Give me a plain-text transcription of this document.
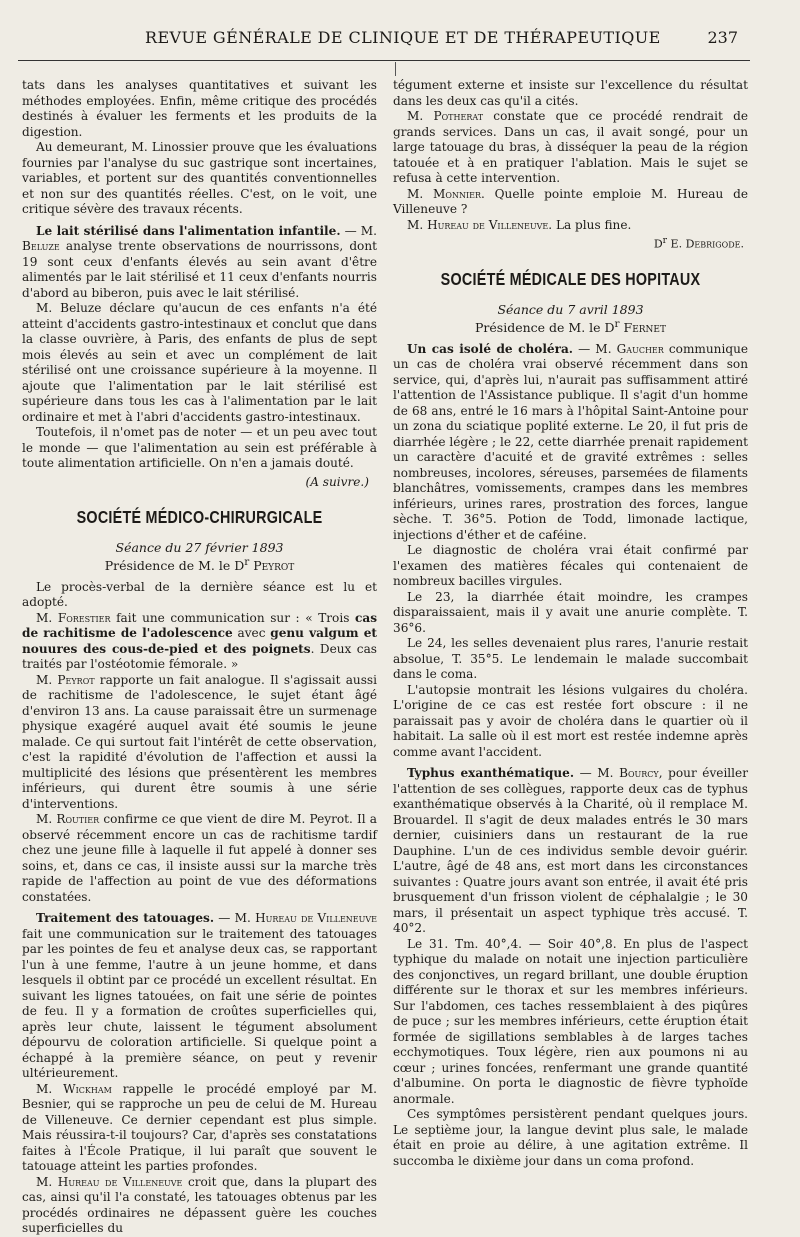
REVUE GÉNÉRALE DE CLINIQUE ET DE THÉRAPEUTIQUE	237

tats dans les analyses quantitatives et suivant les méthodes employées. Enfin, même critique des procédés destinés à évaluer les ferments et les produits de la digestion.

Au demeurant, M. Linossier prouve que les évaluations fournies par l'analyse du suc gastrique sont incertaines, variables, et portent sur des quantités conventionnelles et non sur des quantités réelles. C'est, on le voit, une critique sévère des travaux récents.

Le lait stérilisé dans l'alimentation infantile. — M. Beluze analyse trente observations de nourrissons, dont 19 sont ceux d'enfants élevés au sein avant d'être alimentés par le lait stérilisé et 11 ceux d'enfants nourris d'abord au biberon, puis avec le lait stérilisé.

M. Beluze déclare qu'aucun de ces enfants n'a été atteint d'accidents gastro-intestinaux et conclut que dans la classe ouvrière, à Paris, des enfants de plus de sept mois élevés au sein et avec un complément de lait stérilisé ont une croissance supérieure à la moyenne. Il ajoute que l'alimentation par le lait stérilisé est supérieure dans tous les cas à l'alimentation par le lait ordinaire et met à l'abri d'accidents gastro-intestinaux.

Toutefois, il n'omet pas de noter — et un peu avec tout le monde — que l'alimentation au sein est préférable à toute alimentation artificielle. On n'en a jamais douté.

(A suivre.)
SOCIÉTÉ MÉDICO-CHIRURGICALE
Séance du 27 février 1893
Présidence de M. le $D^r$ Peyrot

Le procès-verbal de la dernière séance est lu et adopté.

M. Forestier fait une communication sur : « Trois cas de rachitisme de l'adolescence avec genu valgum et nouures des cous-de-pied et des poignets. Deux cas traités par l'ostéotomie fémorale. »

M. Peyrot rapporte un fait analogue. Il s'agissait aussi de rachitisme de l'adolescence, le sujet étant âgé d'environ 13 ans. La cause paraissait être un surmenage physique exagéré auquel avait été soumis le jeune malade. Ce qui surtout fait l'intérêt de cette observation, c'est la rapidité d'évolution de l'affection et aussi la multiplicité des lésions que présentèrent les membres inférieurs, qui durent être soumis à une série d'interventions.

M. Routier confirme ce que vient de dire M. Peyrot. Il a observé récemment encore un cas de rachitisme tardif chez une jeune fille à laquelle il fut appelé à donner ses soins, et, dans ce cas, il insiste aussi sur la marche très rapide de l'affection au point de vue des déformations constatées.

Traitement des tatouages. — M. Hureau de Villeneuve fait une communication sur le traitement des tatouages par les pointes de feu et analyse deux cas, se rapportant l'un à une femme, l'autre à un jeune homme, et dans lesquels il obtint par ce procédé un excellent résultat. En suivant les lignes tatouées, on fait une série de pointes de feu. Il y a formation de croûtes superficielles qui, après leur chute, laissent le tégument absolument dépourvu de coloration artificielle. Si quelque point a échappé à la première séance, on peut y revenir ultérieurement.

M. Wickham rappelle le procédé employé par M. Besnier, qui se rapproche un peu de celui de M. Hureau de Villeneuve. Ce dernier cependant est plus simple. Mais réussira-t-il toujours? Car, d'après ses constatations faites à l'École Pratique, il lui paraît que souvent le tatouage atteint les parties profondes.

M. Hureau de Villeneuve croit que, dans la plupart des cas, ainsi qu'il l'a constaté, les tatouages obtenus par les procédés ordinaires ne dépassent guère les couches superficielles du

tégument externe et insiste sur l'excellence du résultat dans les deux cas qu'il a cités.

M. Potherat constate que ce procédé rendrait de grands services. Dans un cas, il avait songé, pour un large tatouage du bras, à disséquer la peau de la région tatouée et à en pratiquer l'ablation. Mais le sujet se refusa à cette intervention.

M. Monnier. Quelle pointe emploie M. Hureau de Villeneuve ?

M. Hureau de Villeneuve. La plus fine.

$D^r$ E. Debrigode.
SOCIÉTÉ MÉDICALE DES HOPITAUX
Séance du 7 avril 1893
Présidence de M. le $D^r$ Fernet

Un cas isolé de choléra. — M. Gaucher communique un cas de choléra vrai observé récemment dans son service, qui, d'après lui, n'aurait pas suffisamment attiré l'attention de l'Assistance publique. Il s'agit d'un homme de 68 ans, entré le 16 mars à l'hôpital Saint-Antoine pour un zona du sciatique poplité externe. Le 20, il fut pris de diarrhée légère ; le 22, cette diarrhée prenait rapidement un caractère d'acuité et de gravité extrêmes : selles nombreuses, incolores, séreuses, parsemées de filaments blanchâtres, vomissements, crampes dans les membres inférieurs, urines rares, prostration des forces, langue sèche. T. 36°5. Potion de Todd, limonade lactique, injections d'éther et de caféine.

Le diagnostic de choléra vrai était confirmé par l'examen des matières fécales qui contenaient de nombreux bacilles virgules.

Le 23, la diarrhée était moindre, les crampes disparaissaient, mais il y avait une anurie complète. T. 36°6.

Le 24, les selles devenaient plus rares, l'anurie restait absolue, T. 35°5. Le lendemain le malade succombait dans le coma.

L'autopsie montrait les lésions vulgaires du choléra. L'origine de ce cas est restée fort obscure : il ne paraissait pas y avoir de choléra dans le quartier où il habitait. La salle où il est mort est restée indemne après comme avant l'accident.

Typhus exanthématique. — M. Bourcy, pour éveiller l'attention de ses collègues, rapporte deux cas de typhus exanthématique observés à la Charité, où il remplace M. Brouardel. Il s'agit de deux malades entrés le 30 mars dernier, cuisiniers dans un restaurant de la rue Dauphine. L'un de ces individus semble devoir guérir. L'autre, âgé de 48 ans, est mort dans les circonstances suivantes : Quatre jours avant son entrée, il avait été pris brusquement d'un frisson violent de céphalalgie ; le 30 mars, il présentait un aspect typhique très accusé. T. 40°2.

Le 31. Tm. 40°,4. — Soir 40°,8. En plus de l'aspect typhique du malade on notait une injection particulière des conjonctives, un regard brillant, une double éruption différente sur le thorax et sur les membres inférieurs. Sur l'abdomen, ces taches ressemblaient à des piqûres de puce ; sur les membres inférieurs, cette éruption était formée de sigillations semblables à de larges taches ecchymotiques. Toux légère, rien aux poumons ni au cœur ; urines foncées, renfermant une grande quantité d'albumine. On porta le diagnostic de fièvre typhoïde anormale.

Ces symptômes persistèrent pendant quelques jours. Le septième jour, la langue devint plus sale, le malade était en proie au délire, à une agitation extrême. Il succomba le dixième jour dans un coma profond.
